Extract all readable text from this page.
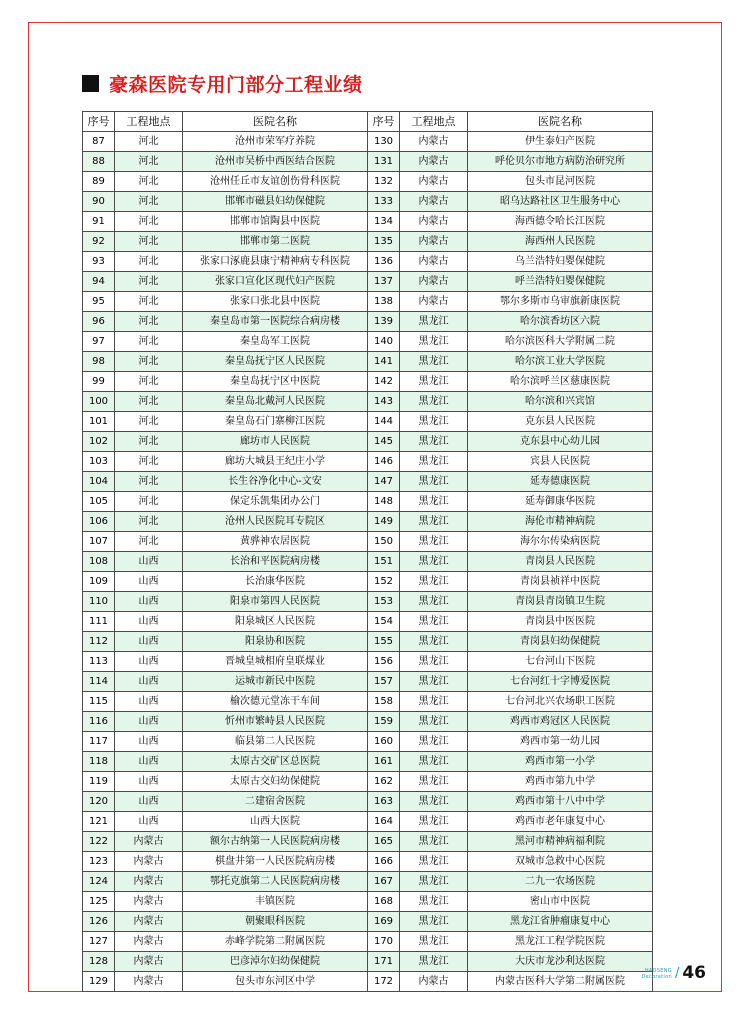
豪森医院专用门部分工程业绩
序号	工程地点	医院名称	序号	工程地点	医院名称
87	河北	沧州市荣军疗养院	130	内蒙古	伊生泰妇产医院
88	河北	沧州市吴桥中西医结合医院	131	内蒙古	呼伦贝尔市地方病防治研究所
89	河北	沧州任丘市友谊创伤骨科医院	132	内蒙古	包头市昆河医院
90	河北	邯郸市磁县妇幼保健院	133	内蒙古	昭乌达路社区卫生服务中心
91	河北	邯郸市馆陶县中医院	134	内蒙古	海西德令哈长江医院
92	河北	邯郸市第二医院	135	内蒙古	海西州人民医院
93	河北	张家口涿鹿县康宁精神病专科医院	136	内蒙古	乌兰浩特妇婴保健院
94	河北	张家口宣化区现代妇产医院	137	内蒙古	呼兰浩特妇婴保健院
95	河北	张家口张北县中医院	138	内蒙古	鄂尔多斯市乌审旗新康医院
96	河北	秦皇岛市第一医院综合病房楼	139	黑龙江	哈尔滨香坊区六院
97	河北	秦皇岛军工医院	140	黑龙江	哈尔滨医科大学附属二院
98	河北	秦皇岛抚宁区人民医院	141	黑龙江	哈尔滨工业大学医院
99	河北	秦皇岛抚宁区中医院	142	黑龙江	哈尔滨呼兰区慈康医院
100	河北	秦皇岛北戴河人民医院	143	黑龙江	哈尔滨和兴宾馆
101	河北	秦皇岛石门寨柳江医院	144	黑龙江	克东县人民医院
102	河北	廊坊市人民医院	145	黑龙江	克东县中心幼儿园
103	河北	廊坊大城县王纪庄小学	146	黑龙江	宾县人民医院
104	河北	长生谷净化中心-文安	147	黑龙江	延寿德康医院
105	河北	保定乐凯集团办公门	148	黑龙江	延寿御康华医院
106	河北	沧州人民医院耳专院区	149	黑龙江	海伦市精神病院
107	河北	黄骅神农居医院	150	黑龙江	海尔尔传染病医院
108	山西	长治和平医院病房楼	151	黑龙江	青岗县人民医院
109	山西	长治康华医院	152	黑龙江	青岗县祯祥中医院
110	山西	阳泉市第四人民医院	153	黑龙江	青岗县青岗镇卫生院
111	山西	阳泉城区人民医院	154	黑龙江	青岗县中医医院
112	山西	阳泉协和医院	155	黑龙江	青岗县妇幼保健院
113	山西	晋城皇城相府皇联煤业	156	黑龙江	七台河山下医院
114	山西	运城市新民中医院	157	黑龙江	七台河红十字博爱医院
115	山西	榆次德元堂冻干车间	158	黑龙江	七台河北兴农场职工医院
116	山西	忻州市繁峙县人民医院	159	黑龙江	鸡西市鸡冠区人民医院
117	山西	临县第二人民医院	160	黑龙江	鸡西市第一幼儿园
118	山西	太原古交矿区总医院	161	黑龙江	鸡西市第一小学
119	山西	太原古交妇幼保健院	162	黑龙江	鸡西市第九中学
120	山西	二建宿舍医院	163	黑龙江	鸡西市第十八中中学
121	山西	山西大医院	164	黑龙江	鸡西市老年康复中心
122	内蒙古	额尔古纳第一人民医院病房楼	165	黑龙江	黑河市精神病福利院
123	内蒙古	棋盘井第一人民医院病房楼	166	黑龙江	双城市急救中心医院
124	内蒙古	鄂托克旗第二人民医院病房楼	167	黑龙江	二九一农场医院
125	内蒙古	丰镇医院	168	黑龙江	密山市中医院
126	内蒙古	朝聚眼科医院	169	黑龙江	黑龙江省肿瘤康复中心
127	内蒙古	赤峰学院第二附属医院	170	黑龙江	黑龙江工程学院医院
128	内蒙古	巴彦淖尔妇幼保健院	171	黑龙江	大庆市龙沙利达医院
129	内蒙古	包头市东河区中学	172	内蒙古	内蒙古医科大学第二附属医院
HAOSENG
Decoration / 46
